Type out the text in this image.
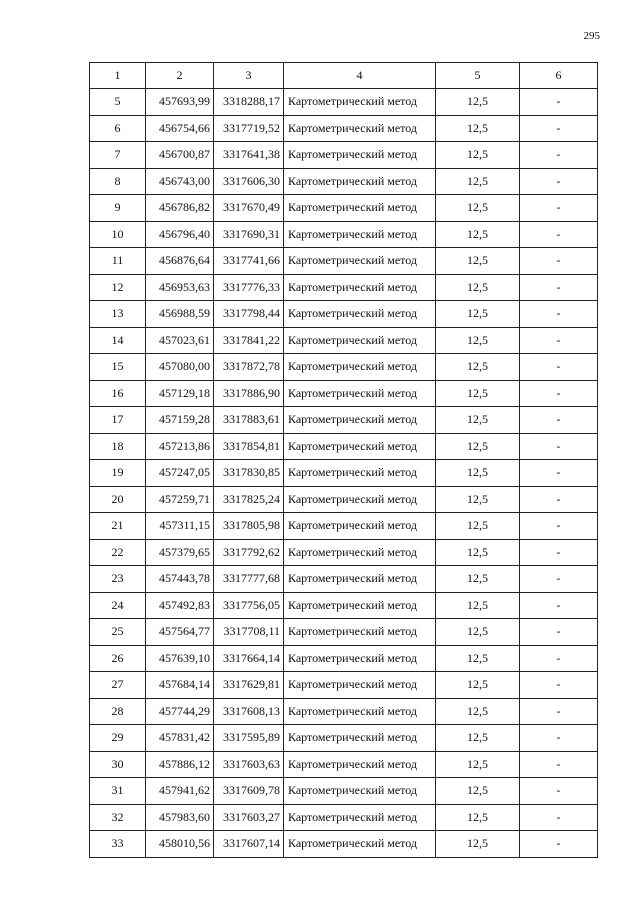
295
1	2	3	4	5	6
5	457693,99	3318288,17	Картометрический метод	12,5	-
6	456754,66	3317719,52	Картометрический метод	12,5	-
7	456700,87	3317641,38	Картометрический метод	12,5	-
8	456743,00	3317606,30	Картометрический метод	12,5	-
9	456786,82	3317670,49	Картометрический метод	12,5	-
10	456796,40	3317690,31	Картометрический метод	12,5	-
11	456876,64	3317741,66	Картометрический метод	12,5	-
12	456953,63	3317776,33	Картометрический метод	12,5	-
13	456988,59	3317798,44	Картометрический метод	12,5	-
14	457023,61	3317841,22	Картометрический метод	12,5	-
15	457080,00	3317872,78	Картометрический метод	12,5	-
16	457129,18	3317886,90	Картометрический метод	12,5	-
17	457159,28	3317883,61	Картометрический метод	12,5	-
18	457213,86	3317854,81	Картометрический метод	12,5	-
19	457247,05	3317830,85	Картометрический метод	12,5	-
20	457259,71	3317825,24	Картометрический метод	12,5	-
21	457311,15	3317805,98	Картометрический метод	12,5	-
22	457379,65	3317792,62	Картометрический метод	12,5	-
23	457443,78	3317777,68	Картометрический метод	12,5	-
24	457492,83	3317756,05	Картометрический метод	12,5	-
25	457564,77	3317708,11	Картометрический метод	12,5	-
26	457639,10	3317664,14	Картометрический метод	12,5	-
27	457684,14	3317629,81	Картометрический метод	12,5	-
28	457744,29	3317608,13	Картометрический метод	12,5	-
29	457831,42	3317595,89	Картометрический метод	12,5	-
30	457886,12	3317603,63	Картометрический метод	12,5	-
31	457941,62	3317609,78	Картометрический метод	12,5	-
32	457983,60	3317603,27	Картометрический метод	12,5	-
33	458010,56	3317607,14	Картометрический метод	12,5	-
